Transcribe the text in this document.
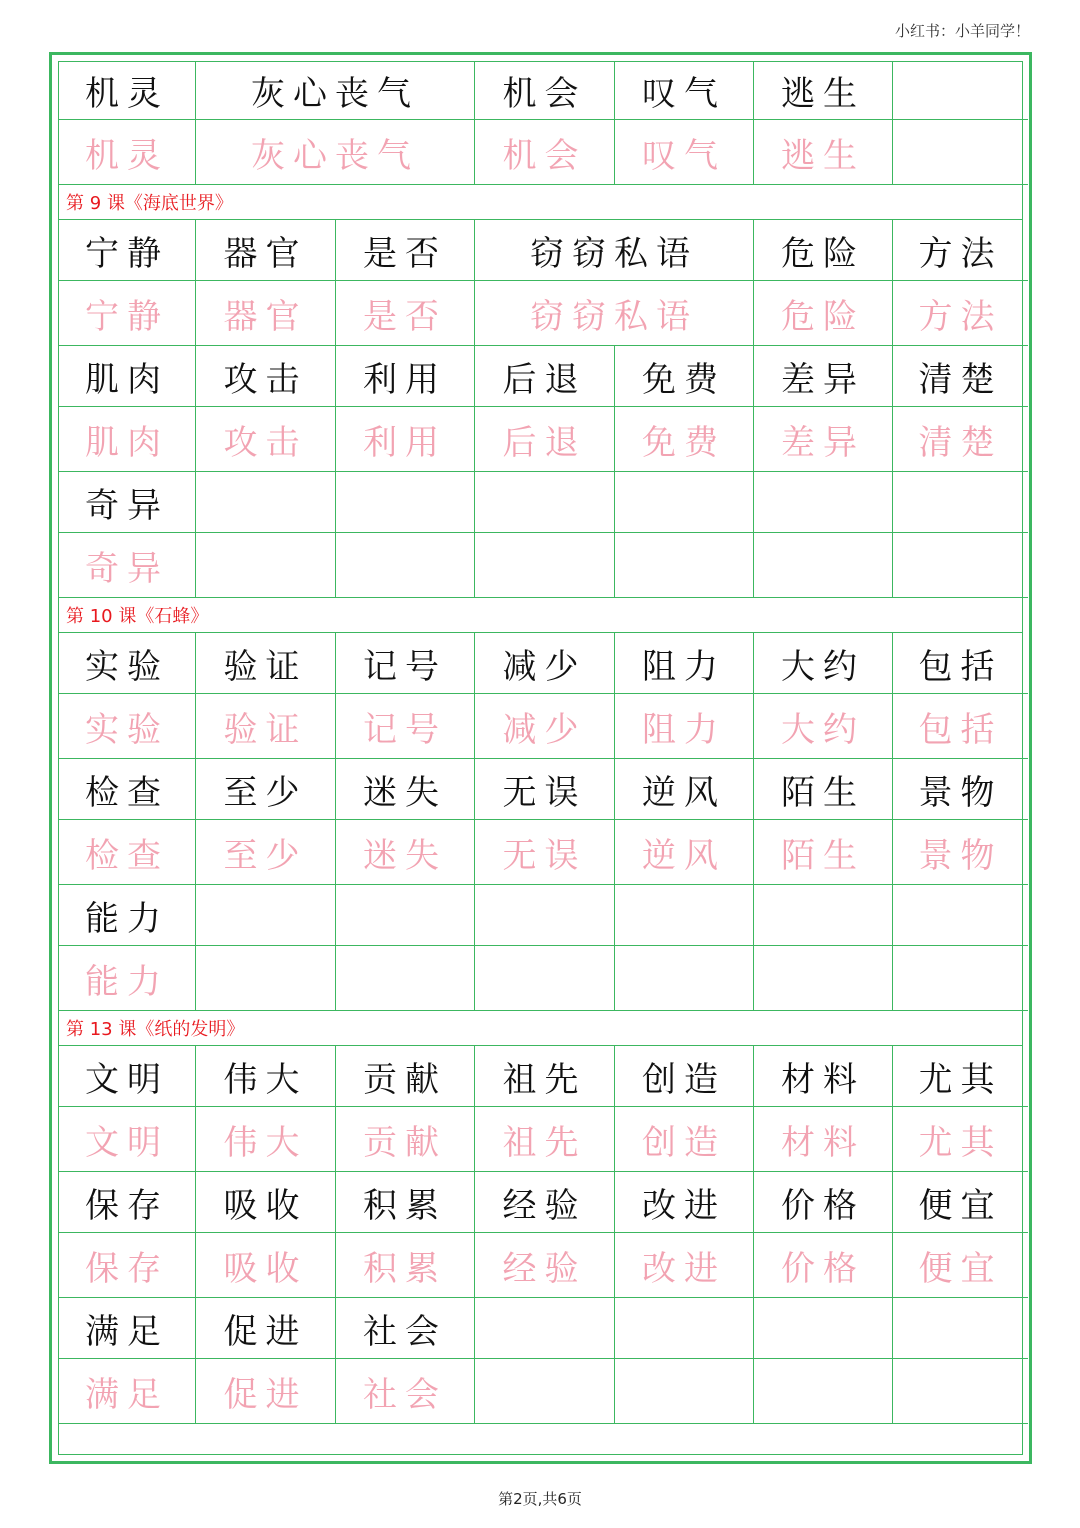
小红书：小羊同学！
机灵	灰心丧气	机会	叹气	逃生
机灵	灰心丧气	机会	叹气	逃生
第 9 课《海底世界》
宁静	器官	是否	窃窃私语	危险	方法
宁静	器官	是否	窃窃私语	危险	方法
肌肉	攻击	利用	后退	免费	差异	清楚
肌肉	攻击	利用	后退	免费	差异	清楚
奇异
奇异
第 10 课《石蜂》
实验	验证	记号	减少	阻力	大约	包括
实验	验证	记号	减少	阻力	大约	包括
检查	至少	迷失	无误	逆风	陌生	景物
检查	至少	迷失	无误	逆风	陌生	景物
能力
能力
第 13 课《纸的发明》
文明	伟大	贡献	祖先	创造	材料	尤其
文明	伟大	贡献	祖先	创造	材料	尤其
保存	吸收	积累	经验	改进	价格	便宜
保存	吸收	积累	经验	改进	价格	便宜
满足	促进	社会
满足	促进	社会
第2页,共6页
